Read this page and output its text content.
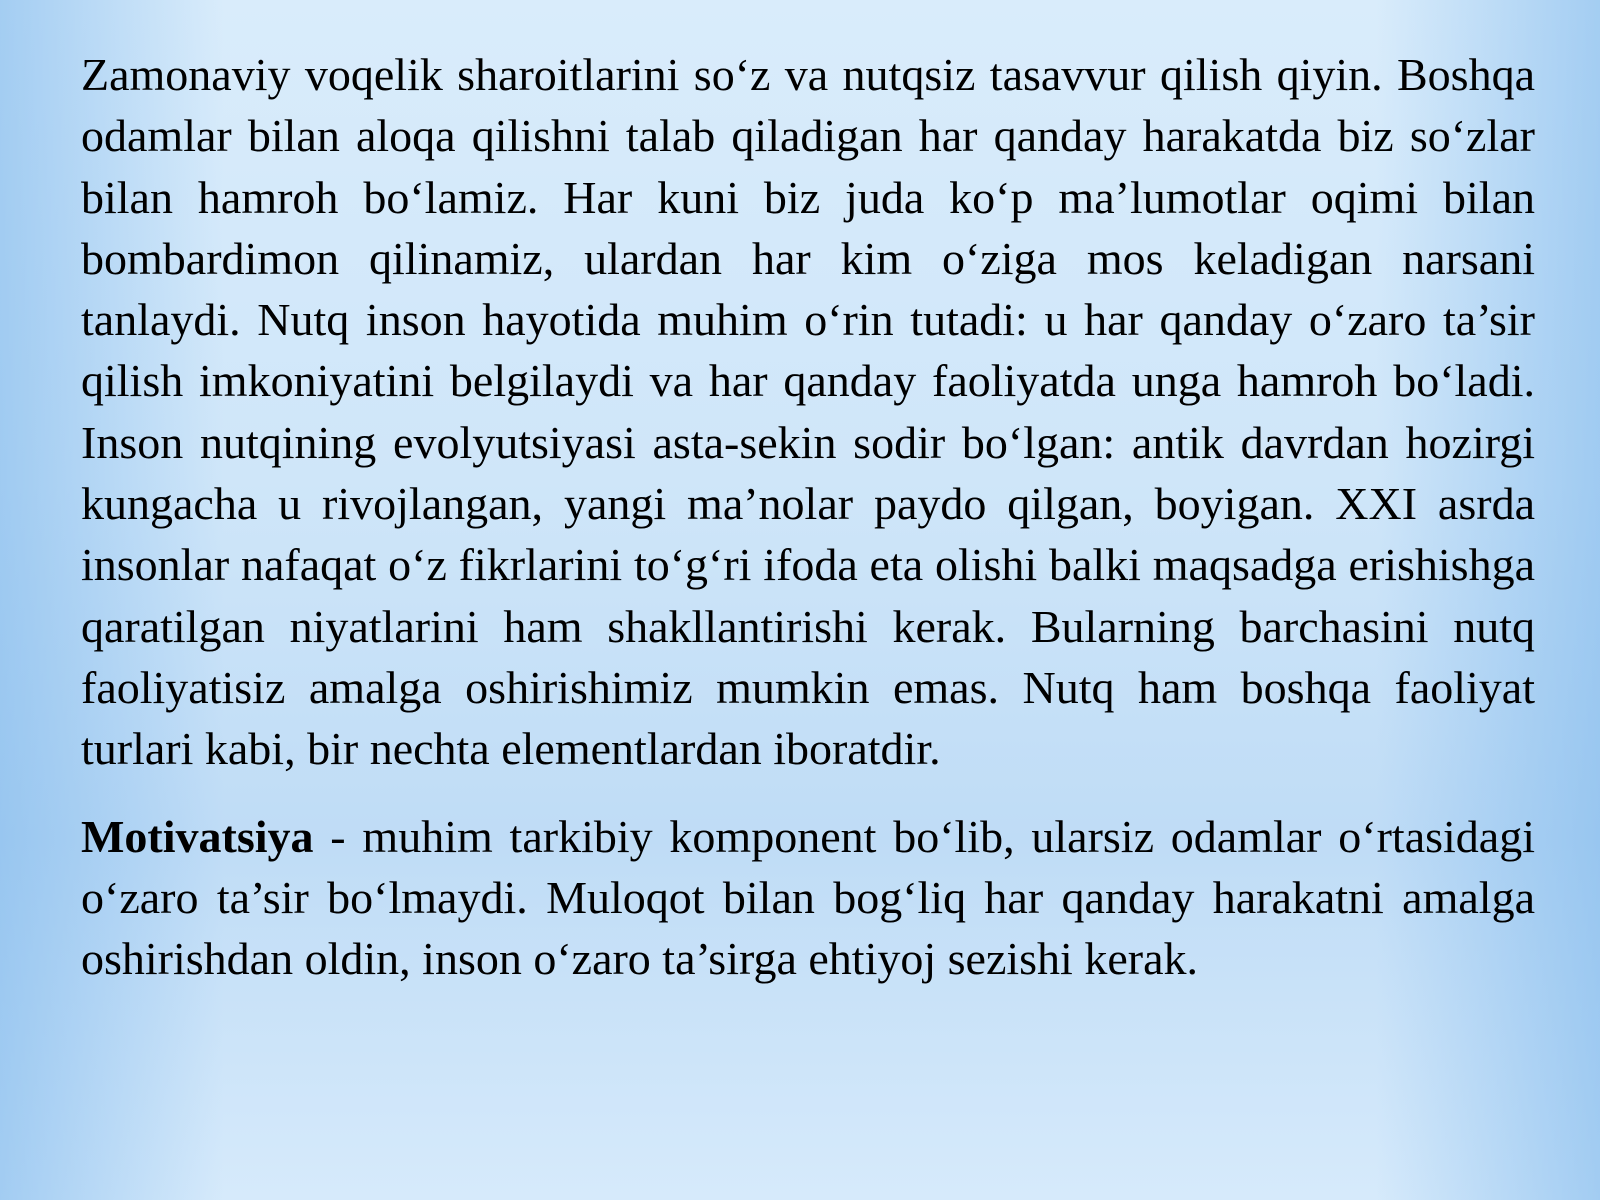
Zamonaviy voqelik sharoitlarini so‘z va nutqsiz tasavvur qilish qiyin. Boshqa odamlar bilan aloqa qilishni talab qiladigan har qanday harakatda biz so‘zlar bilan hamroh bo‘lamiz. Har kuni biz juda ko‘p ma’lumotlar oqimi bilan bombardimon qilinamiz, ulardan har kim o‘ziga mos keladigan narsani tanlaydi. Nutq inson hayotida muhim o‘rin tutadi: u har qanday o‘zaro ta’sir qilish imkoniyatini belgilaydi va har qanday faoliyatda unga hamroh bo‘ladi. Inson nutqining evolyutsiyasi asta-sekin sodir bo‘lgan: antik davrdan hozirgi kungacha u rivojlangan, yangi ma’nolar paydo qilgan, boyigan. XXI asrda insonlar nafaqat o‘z fikrlarini to‘g‘ri ifoda eta olishi balki maqsadga erishishga qaratilgan niyatlarini ham shakllantirishi kerak. Bularning barchasini nutq faoliyatisiz amalga oshirishimiz mumkin emas. Nutq ham boshqa faoliyat turlari kabi, bir nechta elementlardan iboratdir.

Motivatsiya - muhim tarkibiy komponent bo‘lib, ularsiz odamlar o‘rtasidagi o‘zaro ta’sir bo‘lmaydi. Muloqot bilan bog‘liq har qanday harakatni amalga oshirishdan oldin, inson o‘zaro ta’sirga ehtiyoj sezishi kerak.
